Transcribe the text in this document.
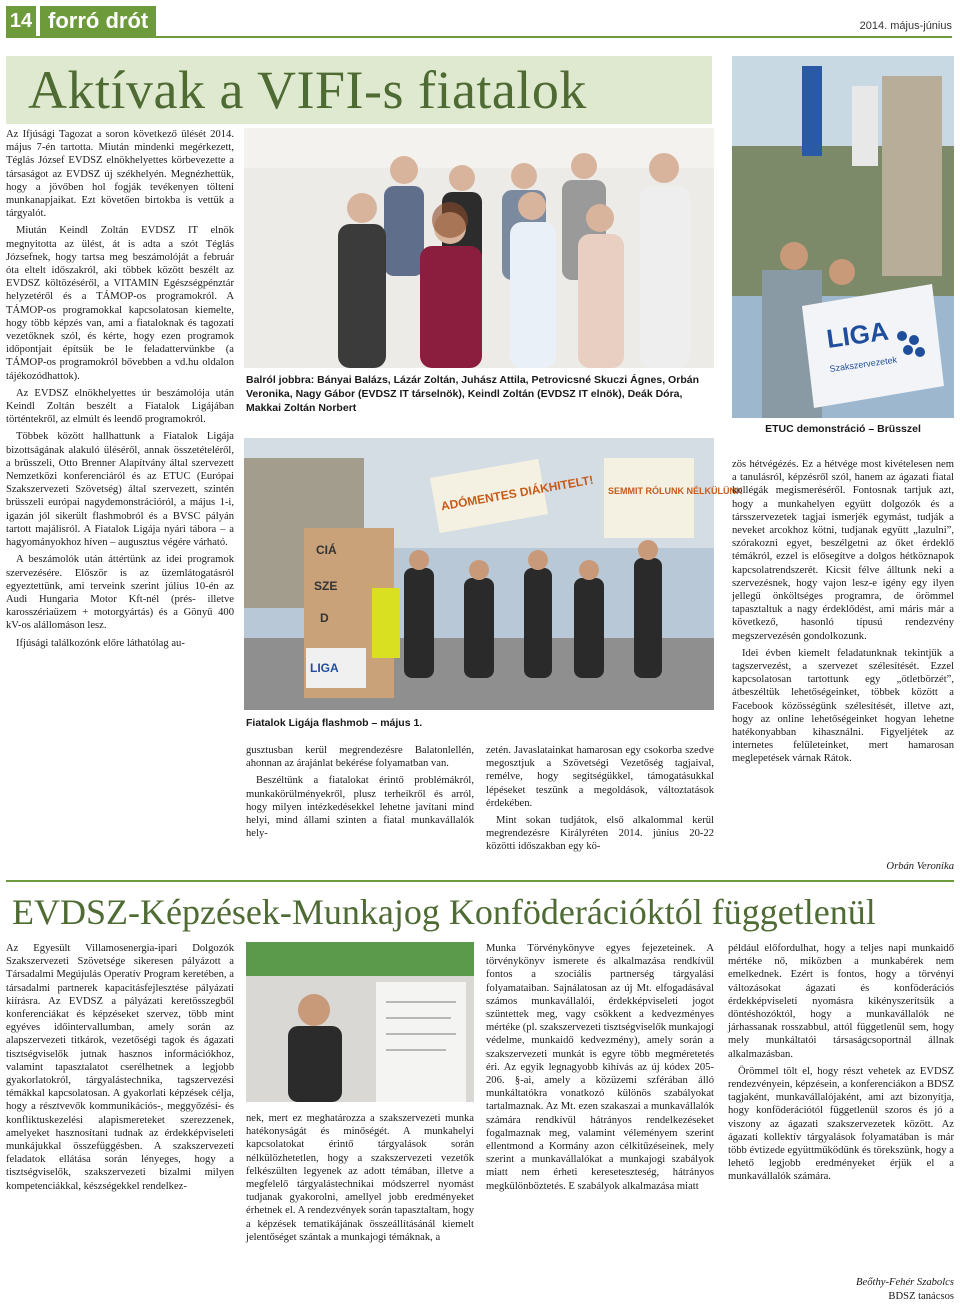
14 forró drót	2014. május-június
Aktívak a VIFI-s fiatalok

Az Ifjúsági Tagozat a soron következő ülését 2014. május 7-én tartotta. Miután mindenki megérkezett, Téglás József EVDSZ elnökhelyettes körbevezette a társaságot az EVDSZ új székhelyén. Megnézhettük, hogy a jövőben hol fogják tevékenyen tölteni munkanapjaikat. Ezt követően birtokba is vettük a tárgyalót.

Miután Keindl Zoltán EVDSZ IT elnök megnyitotta az ülést, át is adta a szót Téglás Józsefnek, hogy tartsa meg beszámolóját a február óta eltelt időszakról, aki többek között beszélt az EVDSZ költözéséről, a VITAMIN Egészségpénztár helyzetéről és a TÁMOP-os programokról. A TÁMOP-os programokkal kapcsolatosan kiemelte, hogy több képzés van, ami a fiataloknak és tagozati vezetőknek szól, és kérte, hogy ezen programok időpontjait építsük be le feladattervünkbe (a TÁMOP-os programokról bővebben a vd.hu oldalon tájékozódhattok).

Az EVDSZ elnökhelyettes úr beszámolója után Keindl Zoltán beszélt a Fiatalok Ligájában történtekről, az elmúlt és leendő programokról.

Többek között hallhattunk a Fiatalok Ligája bizottságának alakuló üléséről, annak összetételéről, a brüsszeli, Otto Brenner Alapítvány által szervezett Nemzetközi konferenciáról és az ETUC (Európai Szakszervezeti Szövetség) által szervezett, szintén brüsszeli európai nagydemonstrációról, a május 1-i, igazán jól sikerült flashmobról és a BVSC pályán tartott majálisról. A Fiatalok Ligája nyári tábora – a hagyományokhoz híven – augusztus végére várható.

A beszámolók után áttértünk az idei programok szervezésére. Először is az üzemlátogatásról egyeztettünk, ami terveink szerint július 10-én az Audi Hungaria Motor Kft-nél (prés- illetve karosszériaüzem + motorgyártás) és a Gönyű 400 kV-os alállomáson lesz.

Ifjúsági találkozónk előre láthatólag au-

Balról jobbra: Bányai Balázs, Lázár Zoltán, Juhász Attila, Petrovicsné Skuczi Ágnes, Orbán Veronika, Nagy Gábor (EVDSZ IT társelnök), Keindl Zoltán (EVDSZ IT elnök), Deák Dóra, Makkai Zoltán Norbert
LIGA
Szakszervezetek
ETUC demonstráció – Brüsszel
CIÁ
SZE
D
LIGA
ADÓMENTES DIÁKHITELT! SEMMIT RÓLUNK NÉLKÜLÜNK
Fiatalok Ligája flashmob – május 1.

gusztusban kerül megrendezésre Balatonlellén, ahonnan az árajánlat bekérése folyamatban van.

Beszéltünk a fiatalokat érintő problémákról, munkakörülményekről, plusz terheikről és arról, hogy milyen intézkedésekkel lehetne javítani mind helyi, mind állami szinten a fiatal munkavállalók hely-

zetén. Javaslatainkat hamarosan egy csokorba szedve megosztjuk a Szövetségi Vezetőség tagjaival, remélve, hogy segítségükkel, támogatásukkal lépéseket teszünk a megoldások, változtatások érdekében.

Mint sokan tudjátok, első alkalommal kerül megrendezésre Királyréten 2014. június 20-22 közötti időszakban egy kö-

zös hétvégézés. Ez a hétvége most kivételesen nem a tanulásról, képzésről szól, hanem az ágazati fiatal kollégák megismeréséről. Fontosnak tartjuk azt, hogy a munkahelyen együtt dolgozók és a társszervezetek tagjai ismerjék egymást, tudják a neveket arcokhoz kötni, tudjanak együtt „lazulni”, szórakozni egyet, beszélgetni az őket érdeklő témákról, ezzel is elősegítve a dolgos hétköznapok kapcsolatrendszerét. Kicsit félve álltunk neki a szervezésnek, hogy vajon lesz-e igény egy ilyen jellegű önköltséges programra, de örömmel tapasztaltuk a nagy érdeklődést, ami máris már a következő, hasonló típusú rendezvény megszervezésén gondolkozunk.

Idei évben kiemelt feladatunknak tekintjük a tagszervezést, a szervezet szélesítését. Ezzel kapcsolatosan tartottunk egy „ötletbörzét”, átbeszéltük lehetőségeinket, többek között a Facebook közösségünk szélesítését, illetve azt, hogy az online lehetőségeinket hogyan lehetne hatékonyabban kihasználni. Figyeljétek az internetes felületeinket, mert hamarosan meglepetések várnak Rátok.

Orbán Veronika
EVDSZ-Képzések-Munkajog Konföderációktól függetlenül

Az Egyesült Villamosenergia-ipari Dolgozók Szakszervezeti Szövetsége sikeresen pályázott a Társadalmi Megújulás Operatív Program keretében, a társadalmi partnerek kapacitásfejlesztése pályázati kiírásra. Az EVDSZ a pályázati keretösszegből konferenciákat és képzéseket szervez, több mint egyéves időintervallumban, amely során az alapszervezeti titkárok, vezetőségi tagok és ágazati tisztségviselők jutnak hasznos információkhoz, valamint tapasztalatot cserélhetnek a legjobb gyakorlatokról, tárgyalástechnika, tagszervezési témákkal kapcsolatosan. A gyakorlati képzések célja, hogy a résztvevők kommunikációs-, meggyőzési- és konfliktuskezelési alapismereteket szerezzenek, amelyeket hasznosítani tudnak az érdekképviseleti munkájukkal összefüggésben. A szakszervezeti feladatok ellátása során lényeges, hogy a tisztségviselők, szakszervezeti bizalmi milyen kompetenciákkal, készségekkel rendelkez-

nek, mert ez meghatározza a szakszervezeti munka hatékonyságát és minőségét. A munkahelyi kapcsolatokat érintő tárgyalások során nélkülözhetetlen, hogy a szakszervezeti vezetők felkészülten legyenek az adott témában, illetve a megfelelő tárgyalástechnikai módszerrel nyomást tudjanak gyakorolni, amellyel jobb eredményeket érhetnek el. A rendezvények során tapasztaltam, hogy a képzések tematikájának összeállításánál kiemelt jelentőséget szántak a munkajogi témáknak, a

Munka Törvénykönyve egyes fejezeteinek. A törvénykönyv ismerete és alkalmazása rendkívül fontos a szociális partnerség tárgyalási folyamataiban. Sajnálatosan az új Mt. elfogadásával számos munkavállalói, érdekképviseleti jogot szüntettek meg, vagy csökkent a kedvezményes mértéke (pl. szakszervezeti tisztségviselők munkajogi védelme, munkaidő kedvezmény), amely során a szakszervezeti munkát is egyre több megméretetés éri. Az egyik legnagyobb kihívás az új kódex 205-206. §-ai, amely a közüzemi szférában álló munkáltatókra vonatkozó különös szabályokat tartalmaznak. Az Mt. ezen szakaszai a munkavállalók számára rendkívül hátrányos rendelkezéseket fogalmaznak meg, valamint véleményem szerint ellentmond a Kormány azon célkitűzéseinek, mely szerint a munkavállalókat a munkajogi szabályok miatt nem érheti kereseteszteség, hátrányos megkülönböztetés. E szabályok alkalmazása miatt

például előfordulhat, hogy a teljes napi munkaidő mértéke nő, miközben a munkabérek nem emelkednek. Ezért is fontos, hogy a törvényi változásokat ágazati és konföderációs érdekképviseleti nyomásra kikényszerítsük a döntéshozóktól, hogy a munkavállalók ne járhassanak rosszabbul, attól függetlenül sem, hogy mely munkáltatói társaságcsoportnál állnak alkalmazásban.

Örömmel tölt el, hogy részt vehetek az EVDSZ rendezvényein, képzésein, a konferenciákon a BDSZ tagjaként, munkavállalójaként, ami azt bizonyítja, hogy konföderációtól függetlenül szoros és jó a viszony az ágazati szakszervezetek között. Az ágazati kollektív tárgyalások folyamatában is már több évtizede együttműködünk és törekszünk, hogy a lehető legjobb eredményeket érjük el a munkavállalók számára.

Beőthy-Fehér Szabolcs
BDSZ tanácsos
